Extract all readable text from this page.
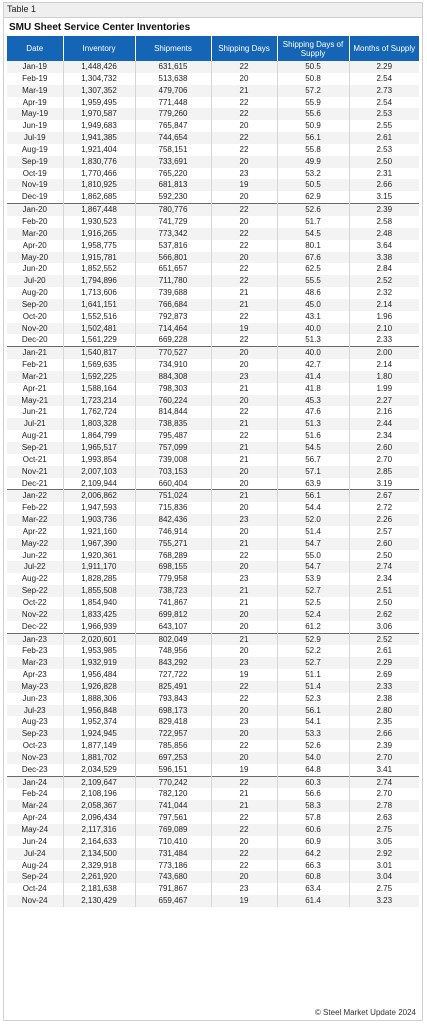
Table 1
SMU Sheet Service Center Inventories
Date	Inventory	Shipments	Shipping Days	Shipping Days of Supply	Months of Supply
Jan-19	1,448,426	631,615	22	50.5	2.29
Feb-19	1,304,732	513,638	20	50.8	2.54
Mar-19	1,307,352	479,706	21	57.2	2.73
Apr-19	1,959,495	771,448	22	55.9	2.54
May-19	1,970,587	779,260	22	55.6	2.53
Jun-19	1,949,683	765,847	20	50.9	2.55
Jul-19	1,941,385	744,654	22	56.1	2.61
Aug-19	1,921,404	758,151	22	55.8	2.53
Sep-19	1,830,776	733,691	20	49.9	2.50
Oct-19	1,770,466	765,220	23	53.2	2.31
Nov-19	1,810,925	681,813	19	50.5	2.66
Dec-19	1,862,685	592,230	20	62.9	3.15
Jan-20	1,867,448	780,776	22	52.6	2.39
Feb-20	1,930,523	741,729	20	51.7	2.58
Mar-20	1,916,265	773,342	22	54.5	2.48
Apr-20	1,958,775	537,816	22	80.1	3.64
May-20	1,915,781	566,801	20	67.6	3.38
Jun-20	1,852,552	651,657	22	62.5	2.84
Jul-20	1,794,896	711,780	22	55.5	2.52
Aug-20	1,713,606	739,688	21	48.6	2.32
Sep-20	1,641,151	766,684	21	45.0	2.14
Oct-20	1,552,516	792,873	22	43.1	1.96
Nov-20	1,502,481	714,464	19	40.0	2.10
Dec-20	1,561,229	669,228	22	51.3	2.33
Jan-21	1,540,817	770,527	20	40.0	2.00
Feb-21	1,569,635	734,910	20	42.7	2.14
Mar-21	1,592,225	884,308	23	41.4	1.80
Apr-21	1,588,164	798,303	21	41.8	1.99
May-21	1,723,214	760,224	20	45.3	2.27
Jun-21	1,762,724	814,844	22	47.6	2.16
Jul-21	1,803,328	738,835	21	51.3	2.44
Aug-21	1,864,799	795,487	22	51.6	2.34
Sep-21	1,965,517	757,099	21	54.5	2.60
Oct-21	1,993,854	739,008	21	56.7	2.70
Nov-21	2,007,103	703,153	20	57.1	2.85
Dec-21	2,109,944	660,404	20	63.9	3.19
Jan-22	2,006,862	751,024	21	56.1	2.67
Feb-22	1,947,593	715,836	20	54.4	2.72
Mar-22	1,903,736	842,436	23	52.0	2.26
Apr-22	1,921,160	746,914	20	51.4	2.57
May-22	1,967,390	755,271	21	54.7	2.60
Jun-22	1,920,361	768,289	22	55.0	2.50
Jul-22	1,911,170	698,155	20	54.7	2.74
Aug-22	1,828,285	779,958	23	53.9	2.34
Sep-22	1,855,508	738,723	21	52.7	2.51
Oct-22	1,854,940	741,867	21	52.5	2.50
Nov-22	1,833,425	699,812	20	52.4	2.62
Dec-22	1,966,939	643,107	20	61.2	3.06
Jan-23	2,020,601	802,049	21	52.9	2.52
Feb-23	1,953,985	748,956	20	52.2	2.61
Mar-23	1,932,919	843,292	23	52.7	2.29
Apr-23	1,956,484	727,722	19	51.1	2.69
May-23	1,926,828	825,491	22	51.4	2.33
Jun-23	1,888,306	793,843	22	52.3	2.38
Jul-23	1,956,848	698,173	20	56.1	2.80
Aug-23	1,952,374	829,418	23	54.1	2.35
Sep-23	1,924,945	722,957	20	53.3	2.66
Oct-23	1,877,149	785,856	22	52.6	2.39
Nov-23	1,881,702	697,253	20	54.0	2.70
Dec-23	2,034,529	596,151	19	64.8	3.41
Jan-24	2,109,647	770,242	22	60.3	2.74
Feb-24	2,108,196	782,120	21	56.6	2.70
Mar-24	2,058,367	741,044	21	58.3	2.78
Apr-24	2,096,434	797,561	22	57.8	2.63
May-24	2,117,316	769,089	22	60.6	2.75
Jun-24	2,164,633	710,410	20	60.9	3.05
Jul-24	2,134,500	731,484	22	64.2	2.92
Aug-24	2,329,918	773,186	22	66.3	3.01
Sep-24	2,261,920	743,680	20	60.8	3.04
Oct-24	2,181,638	791,867	23	63.4	2.75
Nov-24	2,130,429	659,467	19	61.4	3.23
© Steel Market Update 2024
